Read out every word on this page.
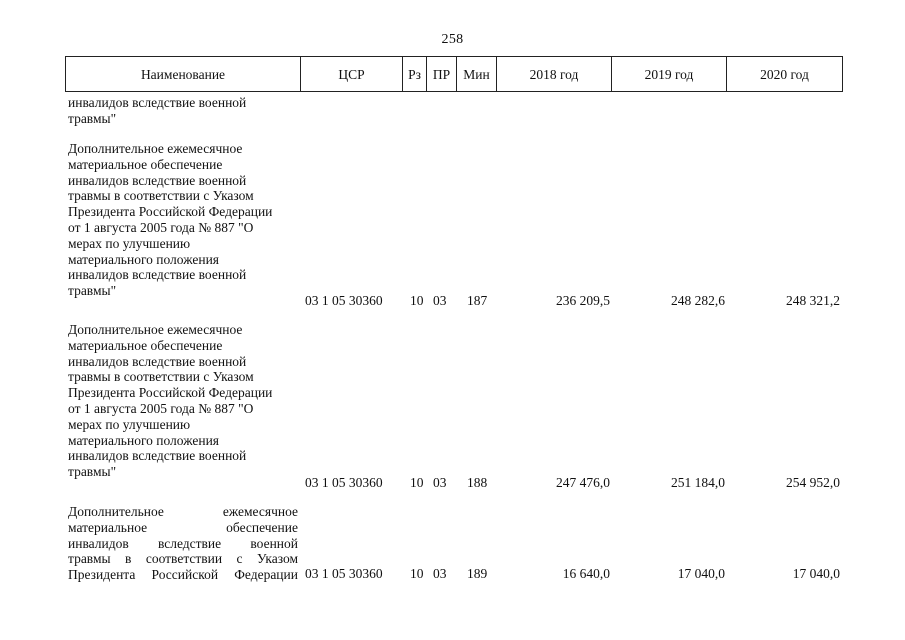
258
Наименование	ЦСР	Рз ПР Мин	2018 год	2019 год	2020 год
инвалидов вследствие военной
травмы"
Дополнительное ежемесячное
материальное обеспечение
инвалидов вследствие военной
травмы в соответствии с Указом
Президента Российской Федерации
от 1 августа 2005 года № 887 "О
мерах по улучшению
материального положения
инвалидов вследствие военной
травмы"
03 1 05 30360 10 03 187	236 209,5	248 282,6	248 321,2
Дополнительное ежемесячное
материальное обеспечение
инвалидов вследствие военной
травмы в соответствии с Указом
Президента Российской Федерации
от 1 августа 2005 года № 887 "О
мерах по улучшению
материального положения
инвалидов вследствие военной
травмы"
03 1 05 30360 10 03 188	247 476,0	251 184,0	254 952,0
Дополнительное ежемесячное
материальное обеспечение
инвалидов вследствие военной
травмы в соответствии с Указом
Президента Российской Федерации 03 1 05 30360 10 03 189	16 640,0	17 040,0	17 040,0
